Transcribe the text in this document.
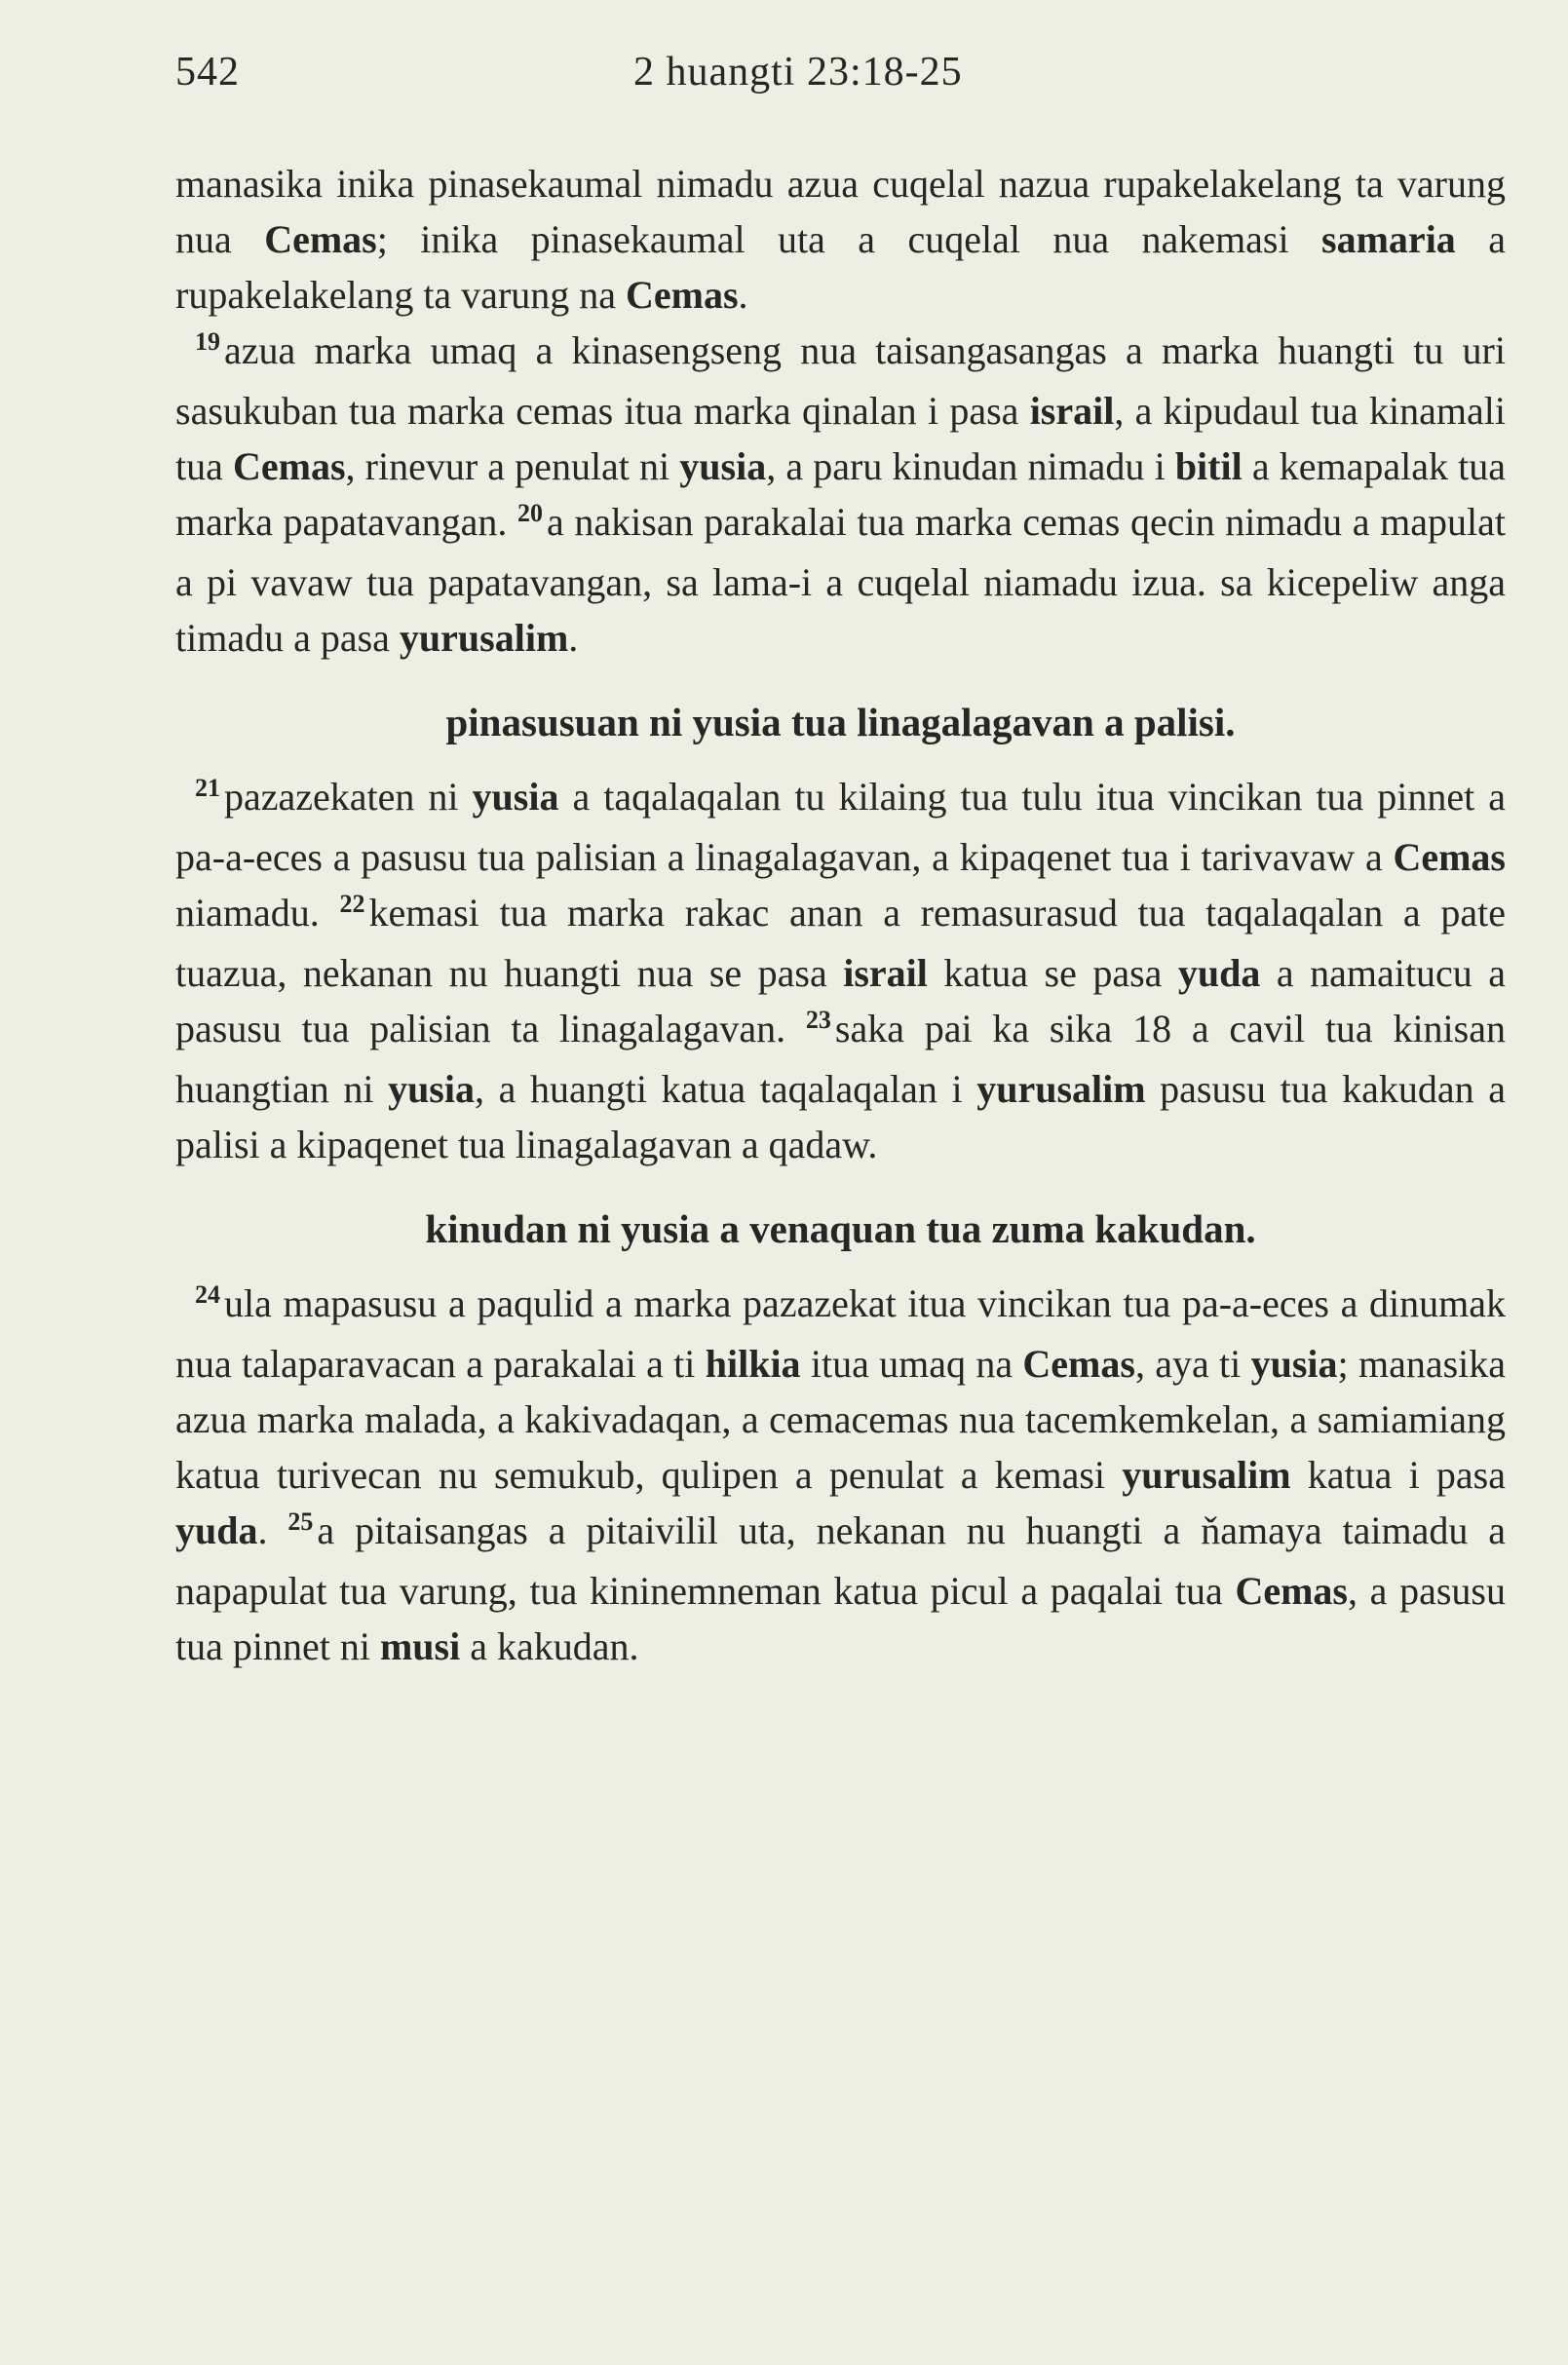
542	2 huangti 23:18-25

manasika inika pinasekaumal nimadu azua cuqelal nazua rupakelakelang ta varung nua Cemas; inika pinasekaumal uta a cuqelal nua nakemasi samaria a rupakelakelang ta varung na Cemas.

$^{19}$ azua marka umaq a kinasengseng nua taisangasangas a marka huangti tu uri sasukuban tua marka cemas itua marka qinalan i pasa israil, a kipudaul tua kinamali tua Cemas, rinevur a penulat ni yusia, a paru kinudan nimadu i bitil a kemapalak tua marka papatavangan. $^{20}$ a nakisan parakalai tua marka cemas qecin nimadu a mapulat a pi vavaw tua papatavangan, sa lama-i a cuqelal niamadu izua. sa kicepeliw anga timadu a pasa yurusalim.

pinasusuan ni yusia tua linagalagavan a palisi.

$^{21}$ pazazekaten ni yusia a taqalaqalan tu kilaing tua tulu itua vincikan tua pinnet a pa-a-eces a pasusu tua palisian a linagalagavan, a kipaqenet tua i tarivavaw a Cemas niamadu. $^{22}$ kemasi tua marka rakac anan a remasurasud tua taqalaqalan a pate tuazua, nekanan nu huangti nua se pasa israil katua se pasa yuda a namaitucu a pasusu tua palisian ta linagalagavan. $^{23}$ saka pai ka sika 18 a cavil tua kinisan huangtian ni yusia, a huangti katua taqalaqalan i yurusalim pasusu tua kakudan a palisi a kipaqenet tua linagalagavan a qadaw.

kinudan ni yusia a venaquan tua zuma kakudan.

$^{24}$ ula mapasusu a paqulid a marka pazazekat itua vincikan tua pa-a-eces a dinumak nua talaparavacan a parakalai a ti hilkia itua umaq na Cemas, aya ti yusia; manasika azua marka malada, a kakivadaqan, a cemacemas nua tacemkemkelan, a samiamiang katua turivecan nu semukub, qulipen a penulat a kemasi yurusalim katua i pasa yuda. $^{25}$ a pitaisangas a pitaivilil uta, nekanan nu huangti a ňamaya taimadu a napapulat tua varung, tua kininemneman katua picul a paqalai tua Cemas, a pasusu tua pinnet ni musi a kakudan.
